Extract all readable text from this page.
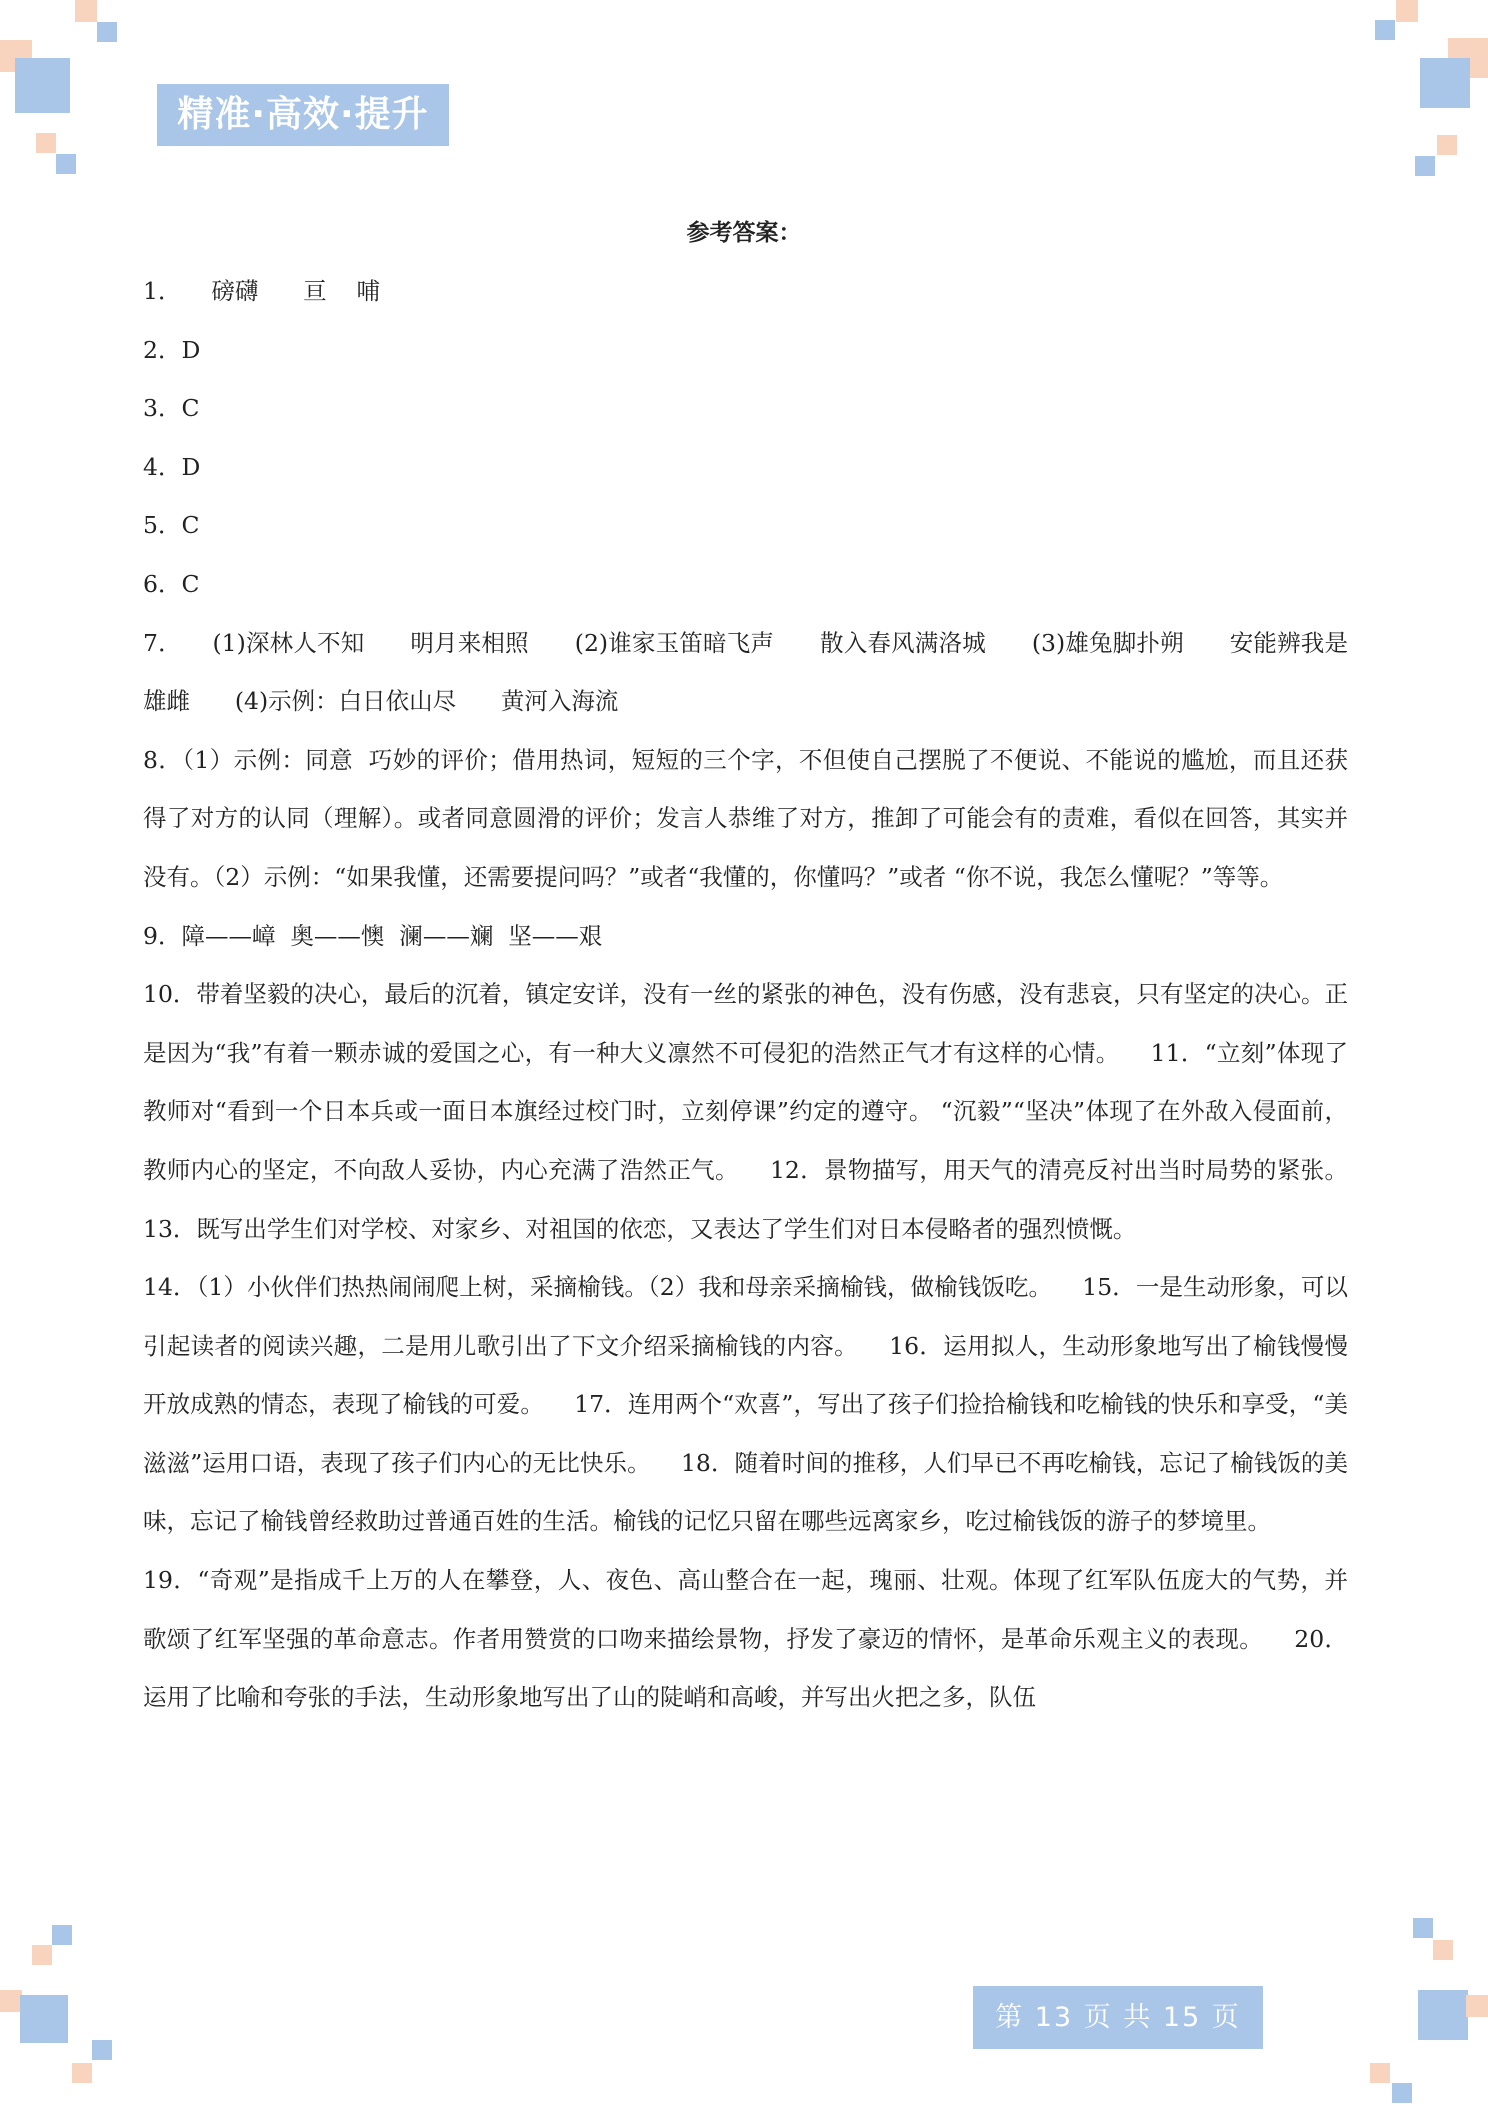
精准·高效·提升
参考答案：

1．    磅礴      亘    哺

2．D

3．C

4．D

5．C

6．C

7．    (1)深林人不知      明月来相照      (2)谁家玉笛暗飞声      散入春风满洛城      (3)雄兔脚扑朔      安能辨我是雄雌      (4)示例：白日依山尽      黄河入海流

8．（1）示例：同意  巧妙的评价；借用热词，短短的三个字，不但使自己摆脱了不便说、不能说的尴尬，而且还获得了对方的认同（理解）。或者同意圆滑的评价；发言人恭维了对方，推卸了可能会有的责难，看似在回答，其实并没有。（2）示例：“如果我懂，还需要提问吗？”或者“我懂的，你懂吗？”或者 “你不说，我怎么懂呢？”等等。

9．障——嶂  奥——懊  澜——斓  坚——艰

10．带着坚毅的决心，最后的沉着，镇定安详，没有一丝的紧张的神色，没有伤感，没有悲哀，只有坚定的决心。正是因为“我”有着一颗赤诚的爱国之心，有一种大义凛然不可侵犯的浩然正气才有这样的心情。    11．“立刻”体现了教师对“看到一个日本兵或一面日本旗经过校门时，立刻停课”约定的遵守。 “沉毅”“坚决”体现了在外敌入侵面前，教师内心的坚定，不向敌人妥协，内心充满了浩然正气。    12．景物描写，用天气的清亮反衬出当时局势的紧张。    13．既写出学生们对学校、对家乡、对祖国的依恋，又表达了学生们对日本侵略者的强烈愤慨。

14．（1）小伙伴们热热闹闹爬上树，采摘榆钱。（2）我和母亲采摘榆钱，做榆钱饭吃。    15．一是生动形象，可以引起读者的阅读兴趣，二是用儿歌引出了下文介绍采摘榆钱的内容。    16．运用拟人，生动形象地写出了榆钱慢慢开放成熟的情态，表现了榆钱的可爱。    17．连用两个“欢喜”，写出了孩子们捡拾榆钱和吃榆钱的快乐和享受，“美滋滋”运用口语，表现了孩子们内心的无比快乐。    18．随着时间的推移，人们早已不再吃榆钱，忘记了榆钱饭的美味，忘记了榆钱曾经救助过普通百姓的生活。榆钱的记忆只留在哪些远离家乡，吃过榆钱饭的游子的梦境里。

19．“奇观”是指成千上万的人在攀登，人、夜色、高山整合在一起，瑰丽、壮观。体现了红军队伍庞大的气势，并歌颂了红军坚强的革命意志。作者用赞赏的口吻来描绘景物，抒发了豪迈的情怀，是革命乐观主义的表现。    20．运用了比喻和夸张的手法，生动形象地写出了山的陡峭和高峻，并写出火把之多，队伍

第 13 页 共 15 页
